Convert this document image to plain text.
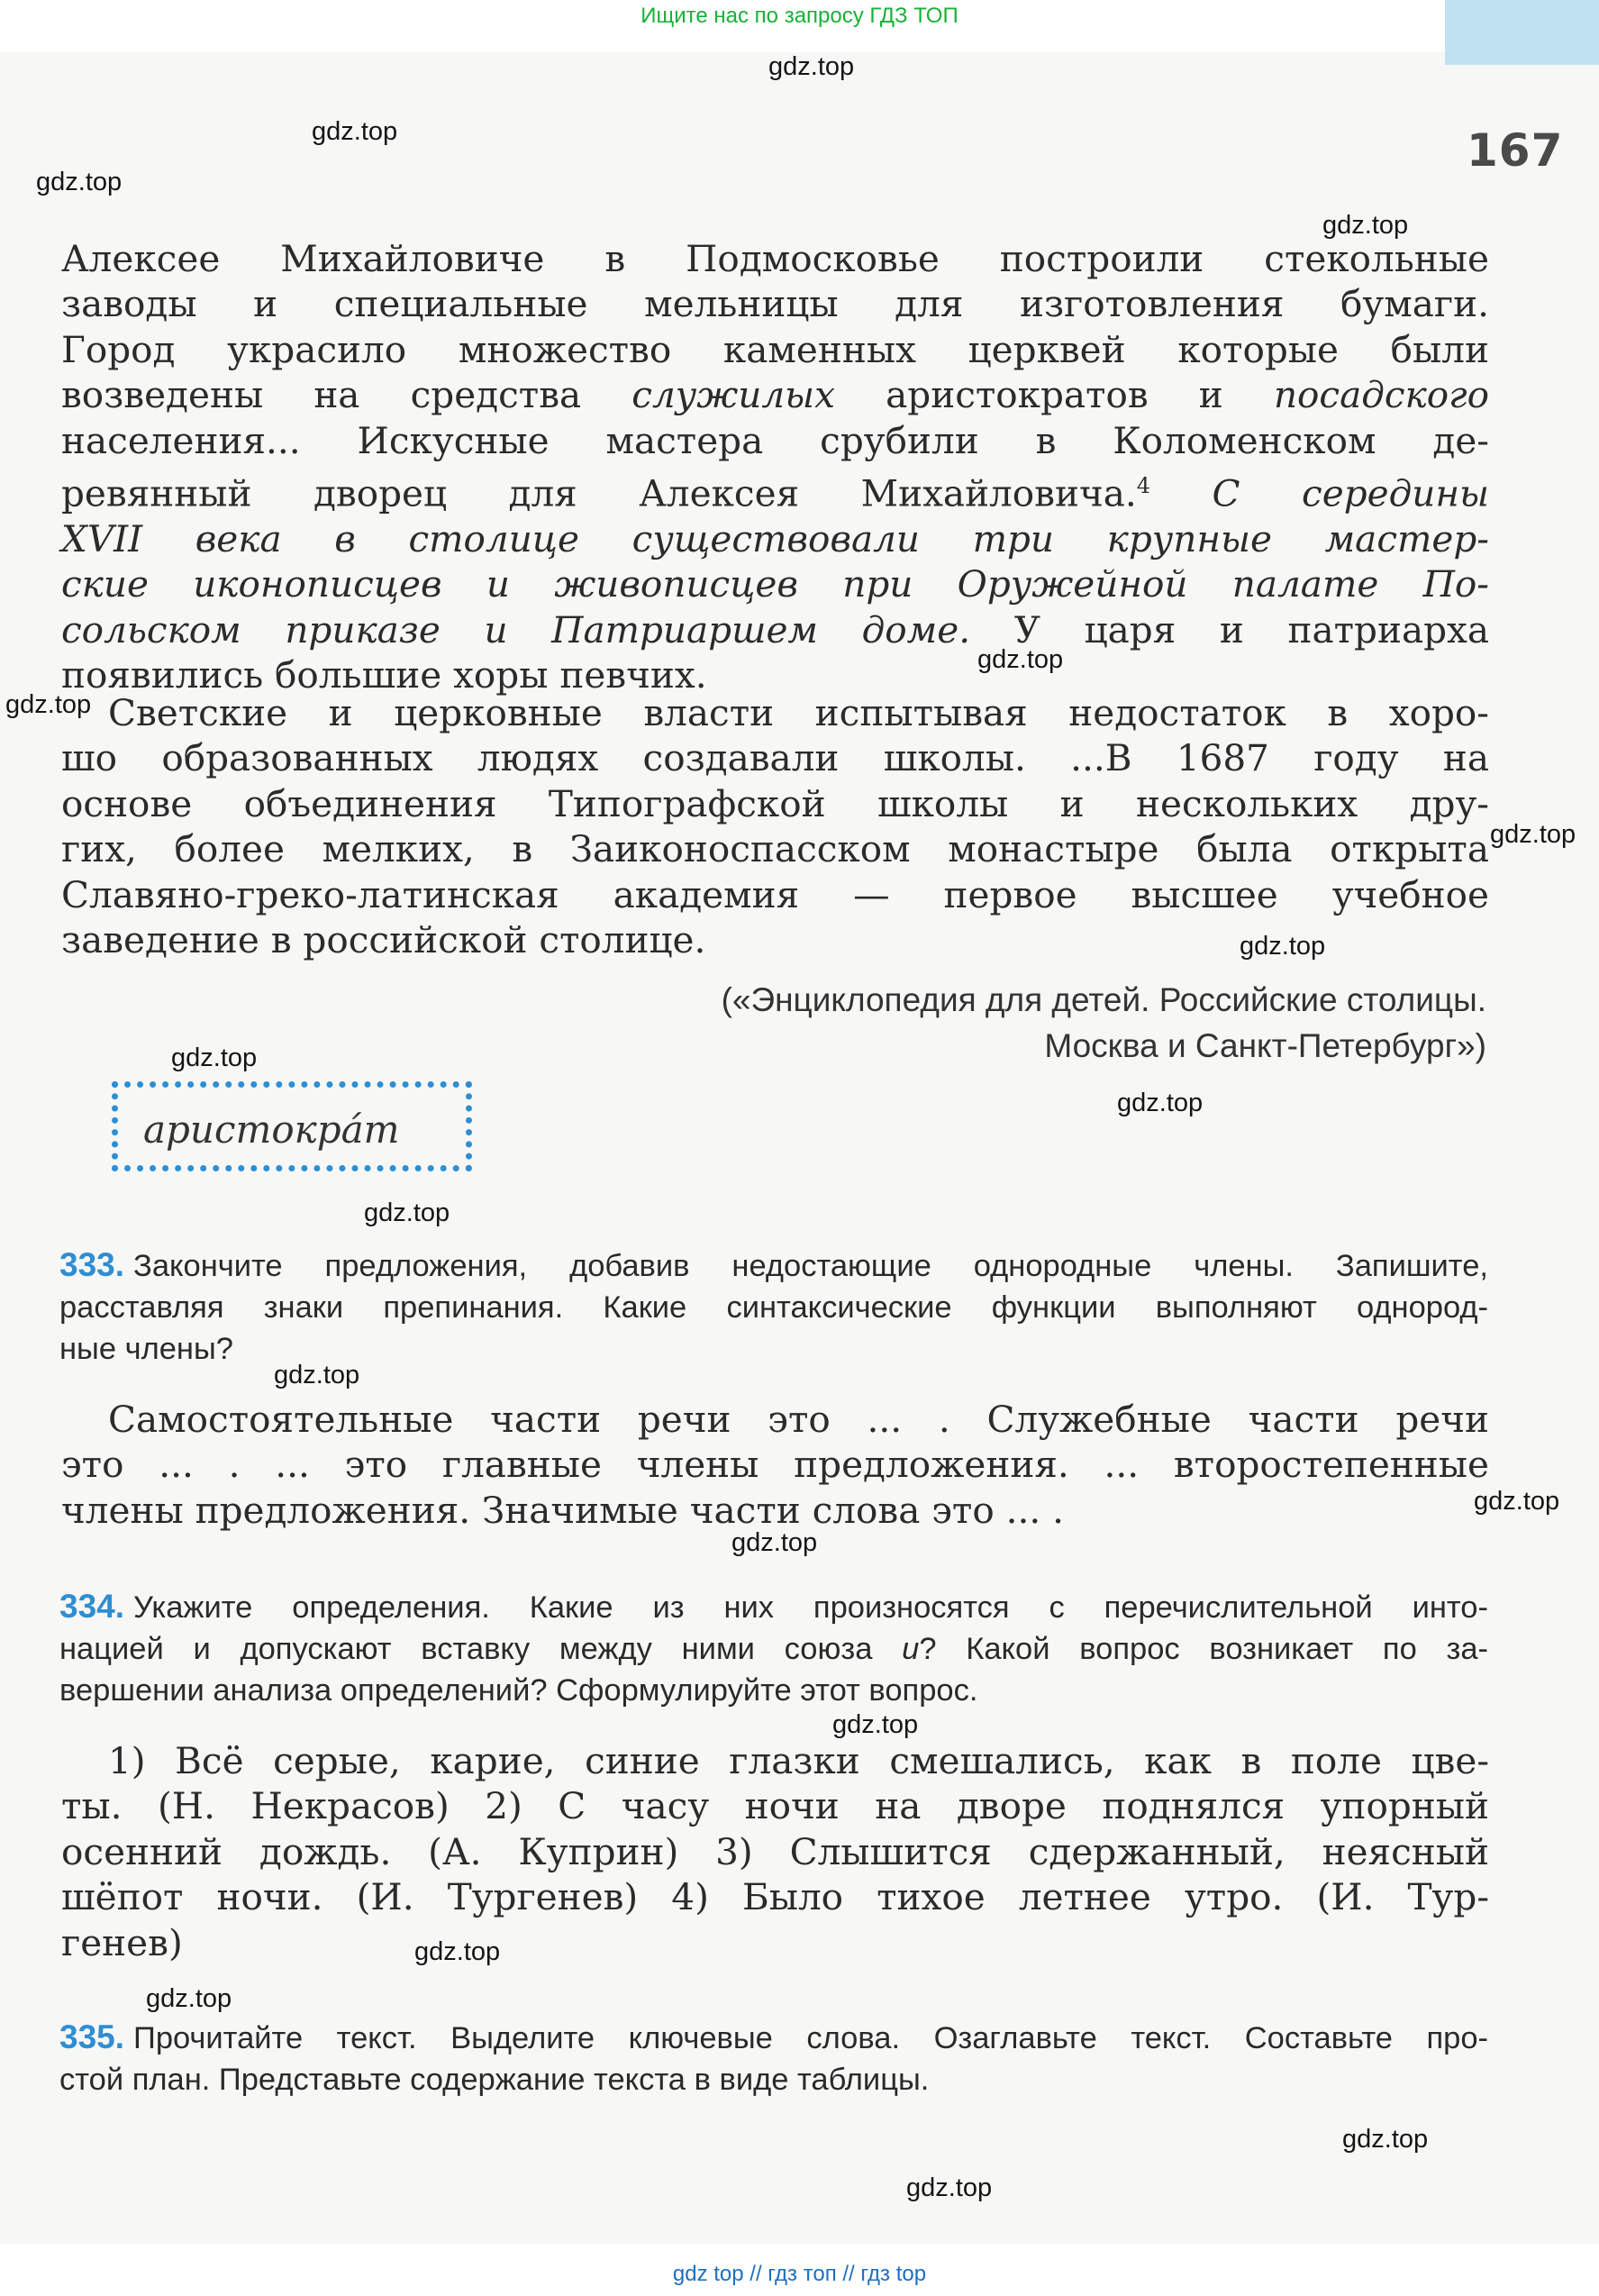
Ищите нас по запросу ГДЗ ТОП
167
Алексее Михайловиче в Подмосковье построили стекольные
заводы и специальные мельницы для изготовления бумаги.
Город украсило множество каменных церквей которые были
возведены на средства служилых аристократов и посадского
населения... Искусные мастера срубили в Коломенском де-
ревянный дворец для Алексея Михайловича.$^4$ С середины
XVII века в столице существовали три крупные мастер-
ские иконописцев и живописцев при Оружейной палате По-
сольском приказе и Патриаршем доме. У царя и патриарха
появились большие хоры певчих.
Светские и церковные власти испытывая недостаток в хоро-
шо образованных людях создавали школы. ...В 1687 году на
основе объединения Типографской школы и нескольких дру-
гих, более мелких, в Заиконоспасском монастыре была открыта
Славяно-греко-латинская академия — первое высшее учебное
заведение в российской столице.
(«Энциклопедия для детей. Российские столицы.
Москва и Санкт-Петербург»)
аристокрáт
333. Закончите предложения, добавив недостающие однородные члены. Запишите,
расставляя знаки препинания. Какие синтаксические функции выполняют однород-
ные члены?
Самостоятельные части речи это ... . Служебные части речи
это ... . ... это главные члены предложения. ... второстепенные
члены предложения. Значимые части слова это ... .
334. Укажите определения. Какие из них произносятся с перечислительной инто-
нацией и допускают вставку между ними союза и? Какой вопрос возникает по за-
вершении анализа определений? Сформулируйте этот вопрос.
1) Всё серые, карие, синие глазки смешались, как в поле цве-
ты. (Н. Некрасов) 2) С часу ночи на дворе поднялся упорный
осенний дождь. (А. Куприн) 3) Слышится сдержанный, неясный
шёпот ночи. (И. Тургенев) 4) Было тихое летнее утро. (И. Тур-
генев)
335. Прочитайте текст. Выделите ключевые слова. Озаглавьте текст. Составьте про-
стой план. Представьте содержание текста в виде таблицы.
gdz.top
gdz.top
gdz.top
gdz.top
gdz.top
gdz.top
gdz.top
gdz.top
gdz.top
gdz.top
gdz.top
gdz.top
gdz.top
gdz.top
gdz.top
gdz.top
gdz.top
gdz.top
gdz.top
gdz top // гдз топ // гдз top
